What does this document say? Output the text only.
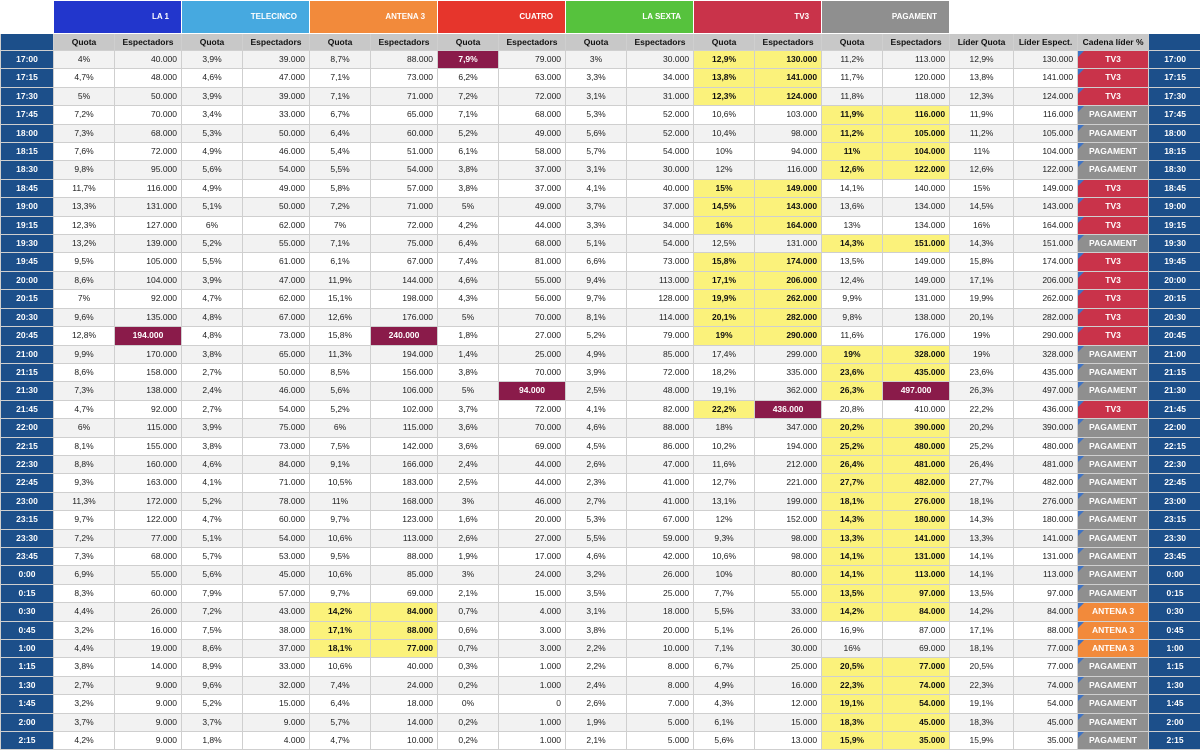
	LA 1		TELECINCO		ANTENA 3		CUATRO		LA SEXTA		TV3		PAGAMENT					
	Quota	Espectadors	Quota	Espectadors	Quota	Espectadors	Quota	Espectadors	Quota	Espectadors	Quota	Espectadors	Quota	Espectadors	Líder Quota	Líder Espect.	Cadena líder %	
17:00	4%	40.000	3,9%	39.000	8,7%	88.000	7,9%	79.000	3%	30.000	12,9%	130.000	11,2%	113.000	12,9%	130.000	TV3	17:00
17:15	4,7%	48.000	4,6%	47.000	7,1%	73.000	6,2%	63.000	3,3%	34.000	13,8%	141.000	11,7%	120.000	13,8%	141.000	TV3	17:15
17:30	5%	50.000	3,9%	39.000	7,1%	71.000	7,2%	72.000	3,1%	31.000	12,3%	124.000	11,8%	118.000	12,3%	124.000	TV3	17:30
17:45	7,2%	70.000	3,4%	33.000	6,7%	65.000	7,1%	68.000	5,3%	52.000	10,6%	103.000	11,9%	116.000	11,9%	116.000	PAGAMENT	17:45
18:00	7,3%	68.000	5,3%	50.000	6,4%	60.000	5,2%	49.000	5,6%	52.000	10,4%	98.000	11,2%	105.000	11,2%	105.000	PAGAMENT	18:00
18:15	7,6%	72.000	4,9%	46.000	5,4%	51.000	6,1%	58.000	5,7%	54.000	10%	94.000	11%	104.000	11%	104.000	PAGAMENT	18:15
18:30	9,8%	95.000	5,6%	54.000	5,5%	54.000	3,8%	37.000	3,1%	30.000	12%	116.000	12,6%	122.000	12,6%	122.000	PAGAMENT	18:30
18:45	11,7%	116.000	4,9%	49.000	5,8%	57.000	3,8%	37.000	4,1%	40.000	15%	149.000	14,1%	140.000	15%	149.000	TV3	18:45
19:00	13,3%	131.000	5,1%	50.000	7,2%	71.000	5%	49.000	3,7%	37.000	14,5%	143.000	13,6%	134.000	14,5%	143.000	TV3	19:00
19:15	12,3%	127.000	6%	62.000	7%	72.000	4,2%	44.000	3,3%	34.000	16%	164.000	13%	134.000	16%	164.000	TV3	19:15
19:30	13,2%	139.000	5,2%	55.000	7,1%	75.000	6,4%	68.000	5,1%	54.000	12,5%	131.000	14,3%	151.000	14,3%	151.000	PAGAMENT	19:30
19:45	9,5%	105.000	5,5%	61.000	6,1%	67.000	7,4%	81.000	6,6%	73.000	15,8%	174.000	13,5%	149.000	15,8%	174.000	TV3	19:45
20:00	8,6%	104.000	3,9%	47.000	11,9%	144.000	4,6%	55.000	9,4%	113.000	17,1%	206.000	12,4%	149.000	17,1%	206.000	TV3	20:00
20:15	7%	92.000	4,7%	62.000	15,1%	198.000	4,3%	56.000	9,7%	128.000	19,9%	262.000	9,9%	131.000	19,9%	262.000	TV3	20:15
20:30	9,6%	135.000	4,8%	67.000	12,6%	176.000	5%	70.000	8,1%	114.000	20,1%	282.000	9,8%	138.000	20,1%	282.000	TV3	20:30
20:45	12,8%	194.000	4,8%	73.000	15,8%	240.000	1,8%	27.000	5,2%	79.000	19%	290.000	11,6%	176.000	19%	290.000	TV3	20:45
21:00	9,9%	170.000	3,8%	65.000	11,3%	194.000	1,4%	25.000	4,9%	85.000	17,4%	299.000	19%	328.000	19%	328.000	PAGAMENT	21:00
21:15	8,6%	158.000	2,7%	50.000	8,5%	156.000	3,8%	70.000	3,9%	72.000	18,2%	335.000	23,6%	435.000	23,6%	435.000	PAGAMENT	21:15
21:30	7,3%	138.000	2,4%	46.000	5,6%	106.000	5%	94.000	2,5%	48.000	19,1%	362.000	26,3%	497.000	26,3%	497.000	PAGAMENT	21:30
21:45	4,7%	92.000	2,7%	54.000	5,2%	102.000	3,7%	72.000	4,1%	82.000	22,2%	436.000	20,8%	410.000	22,2%	436.000	TV3	21:45
22:00	6%	115.000	3,9%	75.000	6%	115.000	3,6%	70.000	4,6%	88.000	18%	347.000	20,2%	390.000	20,2%	390.000	PAGAMENT	22:00
22:15	8,1%	155.000	3,8%	73.000	7,5%	142.000	3,6%	69.000	4,5%	86.000	10,2%	194.000	25,2%	480.000	25,2%	480.000	PAGAMENT	22:15
22:30	8,8%	160.000	4,6%	84.000	9,1%	166.000	2,4%	44.000	2,6%	47.000	11,6%	212.000	26,4%	481.000	26,4%	481.000	PAGAMENT	22:30
22:45	9,3%	163.000	4,1%	71.000	10,5%	183.000	2,5%	44.000	2,3%	41.000	12,7%	221.000	27,7%	482.000	27,7%	482.000	PAGAMENT	22:45
23:00	11,3%	172.000	5,2%	78.000	11%	168.000	3%	46.000	2,7%	41.000	13,1%	199.000	18,1%	276.000	18,1%	276.000	PAGAMENT	23:00
23:15	9,7%	122.000	4,7%	60.000	9,7%	123.000	1,6%	20.000	5,3%	67.000	12%	152.000	14,3%	180.000	14,3%	180.000	PAGAMENT	23:15
23:30	7,2%	77.000	5,1%	54.000	10,6%	113.000	2,6%	27.000	5,5%	59.000	9,3%	98.000	13,3%	141.000	13,3%	141.000	PAGAMENT	23:30
23:45	7,3%	68.000	5,7%	53.000	9,5%	88.000	1,9%	17.000	4,6%	42.000	10,6%	98.000	14,1%	131.000	14,1%	131.000	PAGAMENT	23:45
0:00	6,9%	55.000	5,6%	45.000	10,6%	85.000	3%	24.000	3,2%	26.000	10%	80.000	14,1%	113.000	14,1%	113.000	PAGAMENT	0:00
0:15	8,3%	60.000	7,9%	57.000	9,7%	69.000	2,1%	15.000	3,5%	25.000	7,7%	55.000	13,5%	97.000	13,5%	97.000	PAGAMENT	0:15
0:30	4,4%	26.000	7,2%	43.000	14,2%	84.000	0,7%	4.000	3,1%	18.000	5,5%	33.000	14,2%	84.000	14,2%	84.000	ANTENA 3	0:30
0:45	3,2%	16.000	7,5%	38.000	17,1%	88.000	0,6%	3.000	3,8%	20.000	5,1%	26.000	16,9%	87.000	17,1%	88.000	ANTENA 3	0:45
1:00	4,4%	19.000	8,6%	37.000	18,1%	77.000	0,7%	3.000	2,2%	10.000	7,1%	30.000	16%	69.000	18,1%	77.000	ANTENA 3	1:00
1:15	3,8%	14.000	8,9%	33.000	10,6%	40.000	0,3%	1.000	2,2%	8.000	6,7%	25.000	20,5%	77.000	20,5%	77.000	PAGAMENT	1:15
1:30	2,7%	9.000	9,6%	32.000	7,4%	24.000	0,2%	1.000	2,4%	8.000	4,9%	16.000	22,3%	74.000	22,3%	74.000	PAGAMENT	1:30
1:45	3,2%	9.000	5,2%	15.000	6,4%	18.000	0%	0	2,6%	7.000	4,3%	12.000	19,1%	54.000	19,1%	54.000	PAGAMENT	1:45
2:00	3,7%	9.000	3,7%	9.000	5,7%	14.000	0,2%	1.000	1,9%	5.000	6,1%	15.000	18,3%	45.000	18,3%	45.000	PAGAMENT	2:00
2:15	4,2%	9.000	1,8%	4.000	4,7%	10.000	0,2%	1.000	2,1%	5.000	5,6%	13.000	15,9%	35.000	15,9%	35.000	PAGAMENT	2:15
